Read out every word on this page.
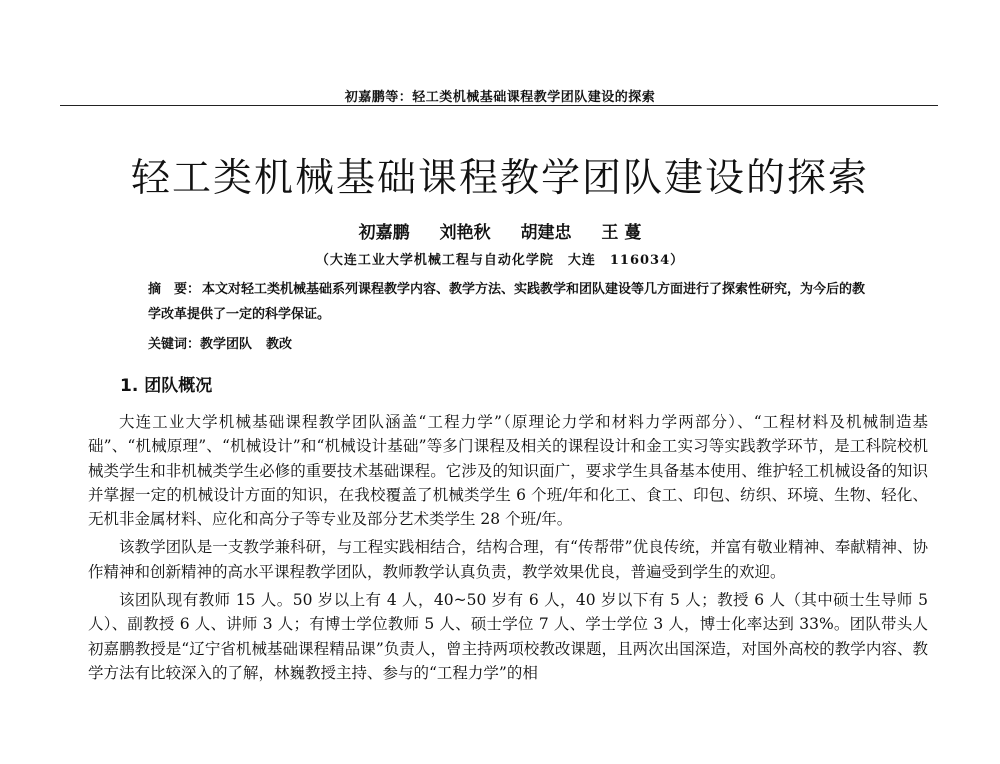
初嘉鹏等：轻工类机械基础课程教学团队建设的探索
轻工类机械基础课程教学团队建设的探索
初嘉鹏 刘艳秋 胡建忠 王 蔓
（大连工业大学机械工程与自动化学院　大连　116034）
摘　要： 本文对轻工类机械基础系列课程教学内容、教学方法、实践教学和团队建设等几方面进行了探索性研究，为今后的教学改革提供了一定的科学保证。
关键词：教学团队 教改
1. 团队概况

大连工业大学机械基础课程教学团队涵盖“工程力学”（原理论力学和材料力学两部分）、“工程材料及机械制造基础”、“机械原理”、“机械设计”和“机械设计基础”等多门课程及相关的课程设计和金工实习等实践教学环节，是工科院校机械类学生和非机械类学生必修的重要技术基础课程。它涉及的知识面广，要求学生具备基本使用、维护轻工机械设备的知识并掌握一定的机械设计方面的知识，在我校覆盖了机械类学生 6 个班/年和化工、食工、印包、纺织、环境、生物、轻化、无机非金属材料、应化和高分子等专业及部分艺术类学生 28 个班/年。

该教学团队是一支教学兼科研，与工程实践相结合，结构合理，有“传帮带”优良传统，并富有敬业精神、奉献精神、协作精神和创新精神的高水平课程教学团队，教师教学认真负责，教学效果优良，普遍受到学生的欢迎。

该团队现有教师 15 人。50 岁以上有 4 人，40~50 岁有 6 人，40 岁以下有 5 人；教授 6 人（其中硕士生导师 5 人）、副教授 6 人、讲师 3 人；有博士学位教师 5 人、硕士学位 7 人、学士学位 3 人，博士化率达到 33%。团队带头人初嘉鹏教授是“辽宁省机械基础课程精品课”负责人，曾主持两项校教改课题，且两次出国深造，对国外高校的教学内容、教学方法有比较深入的了解，林巍教授主持、参与的“工程力学”的相
